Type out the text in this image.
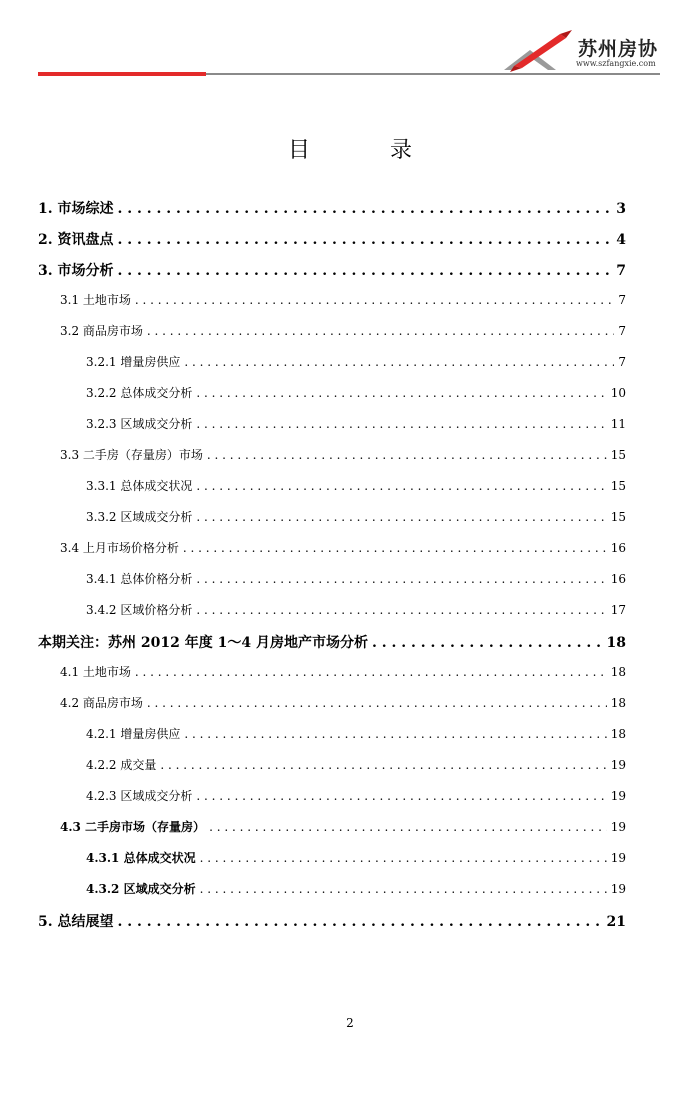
苏州房协
www.szfangxie.com
目	录
1. 市场综述 . . .	3
2. 资讯盘点 . . .	4
3. 市场分析 . . .	7
3.1 土地市场 . . .	7
3.2 商品房市场 . . .	7
3.2.1 增量房供应 . . .	7
3.2.2 总体成交分析 . . .	10
3.2.3 区域成交分析 . . .	11
3.3 二手房（存量房）市场 . . .	15
3.3.1 总体成交状况 . . .	15
3.3.2 区域成交分析 . . .	15
3.4 上月市场价格分析 . . .	16
3.4.1 总体价格分析 . . .	16
3.4.2 区域价格分析 . . .	17
本期关注：苏州 2012 年度 1～4 月房地产市场分析 . . .	18
4.1 土地市场 . . .	18
4.2 商品房市场 . . .	18
4.2.1 增量房供应 . . .	18
4.2.2 成交量 . . .	19
4.2.3 区域成交分析 . . .	19
4.3 二手房市场（存量房） . . .	19
4.3.1 总体成交状况 . . .	19
4.3.2 区域成交分析 . . .	19
5. 总结展望 . . .	21
2
